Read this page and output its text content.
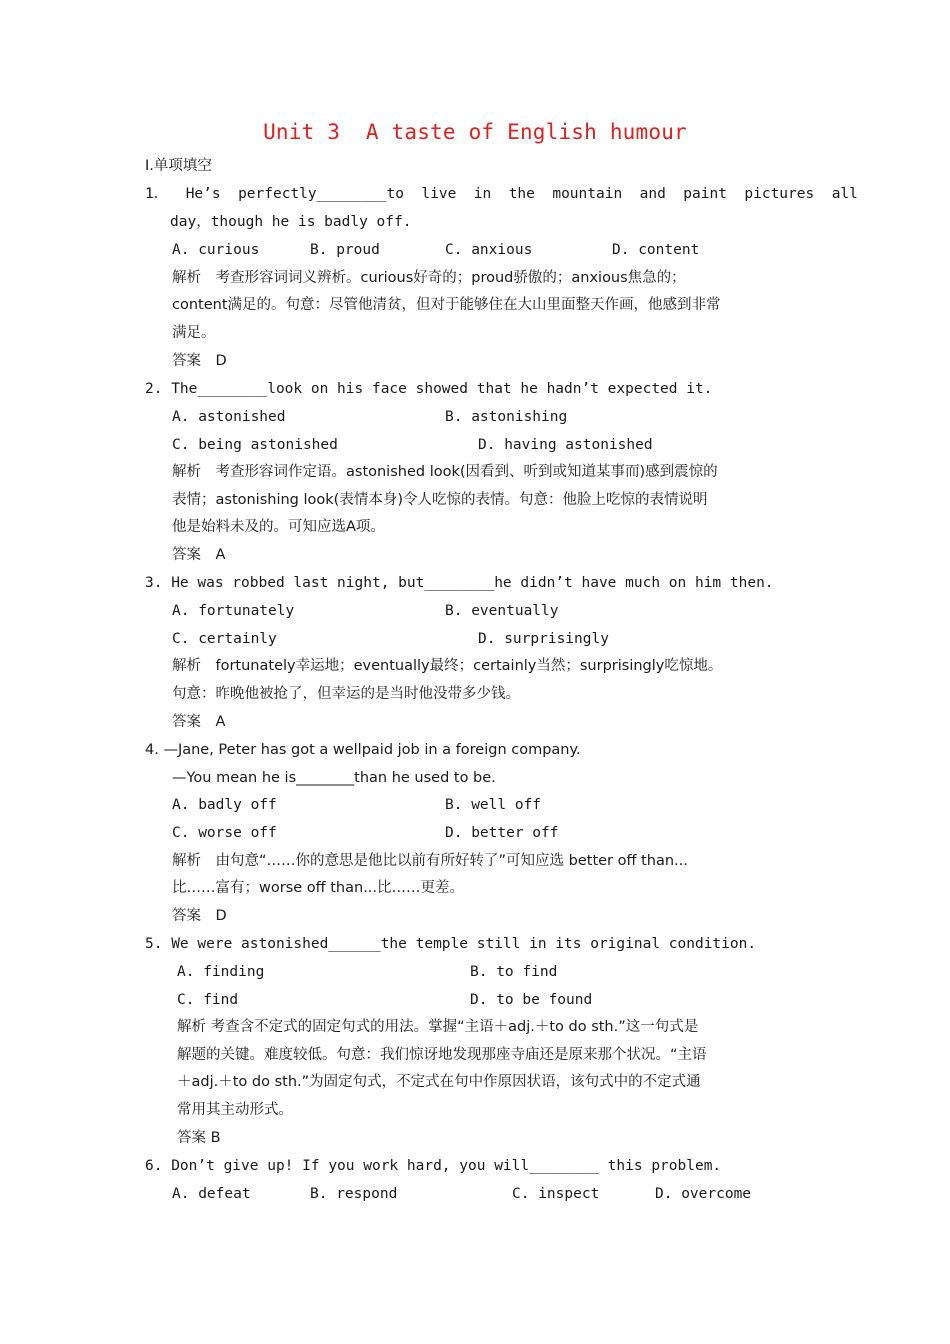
Unit 3  A taste of English humour
Ⅰ.单项填空
1．  He’s  perfectly________to  live  in  the  mountain  and  paint  pictures  all
day，though he is badly off.
A. curious	B. proud	C. anxious	D. content
解析　考查形容词词义辨析。curious好奇的；proud骄傲的；anxious焦急的；
content满足的。句意：尽管他清贫，但对于能够住在大山里面整天作画，他感到非常
满足。
答案　D
2. The________look on his face showed that he hadn’t expected it.
A. astonished	B. astonishing
C. being astonished	D. having astonished
解析　考查形容词作定语。astonished look(因看到、听到或知道某事而)感到震惊的
表情；astonishing look(表情本身)令人吃惊的表情。句意：他脸上吃惊的表情说明
他是始料未及的。可知应选A项。
答案　A
3. He was robbed last night, but________he didn’t have much on him then.
A. fortunately	B. eventually
C. certainly	D. surprisingly
解析　fortunately幸运地；eventually最终；certainly当然；surprisingly吃惊地。
句意：昨晚他被抢了，但幸运的是当时他没带多少钱。
答案　A
4. —Jane, Peter has got a wellpaid job in a foreign company.
—You mean he is________than he used to be.
A. badly off	B. well off
C. worse off	D. better off
解析　由句意“……你的意思是他比以前有所好转了”可知应选 better off than...
比……富有；worse off than...比……更差。
答案　D
5. We were astonished______the temple still in its original condition.
A. finding	B. to find
C. find	D. to be found
解析 考查含不定式的固定句式的用法。掌握“主语＋adj.＋to do sth.”这一句式是
解题的关键。难度较低。句意：我们惊讶地发现那座寺庙还是原来那个状况。“主语
＋adj.＋to do sth.”为固定句式，不定式在句中作原因状语，该句式中的不定式通
常用其主动形式。
答案 B
6. Don’t give up! If you work hard, you will________ this problem.
A. defeat	B. respond	C. inspect	D. overcome
